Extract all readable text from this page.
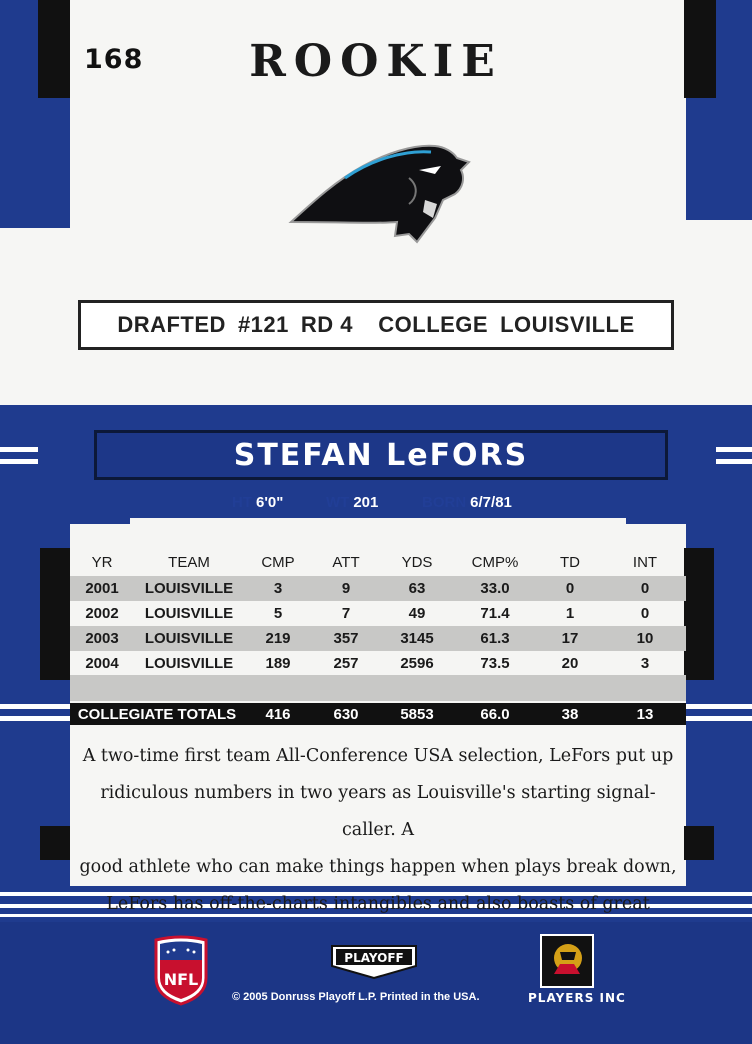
168	ROOKIE
DRAFTED #121 RD 4 COLLEGE LOUISVILLE
STEFAN LeFORS
HT 6'0"	WT 201	BORN 6/7/81
YR	TEAM	CMP	ATT	YDS	CMP%	TD	INT
2001	LOUISVILLE	3	9	63	33.0	0	0
2002	LOUISVILLE	5	7	49	71.4	1	0
2003	LOUISVILLE	219	357	3145	61.3	17	10
2004	LOUISVILLE	189	257	2596	73.5	20	3
COLLEGIATE TOTALS	416	630	5853	66.0	38	13
A two-time first team All-Conference USA selection, LeFors put up
ridiculous numbers in two years as Louisville's starting signal-caller. A
good athlete who can make things happen when plays break down,
LeFors has off-the-charts intangibles and also boasts of great
NFL
PLAYOFF
© 2005 Donruss Playoff L.P. Printed in the USA.	PLAYERS INC
